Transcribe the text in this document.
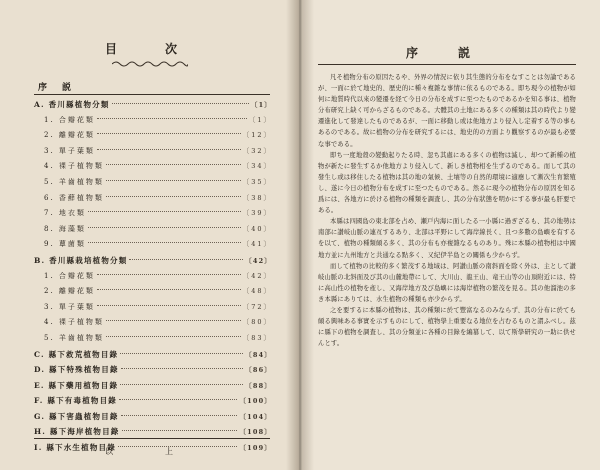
目　次
序　説
A. 香川縣植物分類	〔1〕
1. 合瓣花類	〔1〕
2. 離瓣花類	〔12〕
3. 單子葉類	〔32〕
4. 裸子植物類	〔34〕
5. 羊齒植物類	〔35〕
6. 香蘚植物類	〔38〕
7. 地衣類	〔39〕
8. 海藻類	〔40〕
9. 蕈菌類	〔41〕
B. 香川縣栽培植物分類	〔42〕
1. 合瓣花類	〔42〕
2. 離瓣花類	〔48〕
3. 單子葉類	〔72〕
4. 裸子植物類	〔80〕
5. 羊齒植物類	〔83〕
C. 縣下救荒植物目錄	〔84〕
D. 縣下特殊植物目錄	〔86〕
E. 縣下藥用植物目錄	〔88〕
F. 縣下有毒植物目錄	〔100〕
G. 縣下害蟲植物目錄	〔104〕
H. 縣下海岸植物目錄	〔108〕
I. 縣下水生植物目錄	〔109〕
以　上
序　説

凡そ植物分布の原因たるや、外界の情況に依り其生態的分布をなすことは勿論であるが、一面に於て地史的、歴史的に種々複雜な事情に依るものである。即ち現今の植物が如何に地質時代以來の變遷を経て今日の分布を成すに至つたものであるかを知る事は、植物分布研究上缺く可からざるものである。大體其の土地にある多くの種類は其の時代より變遷進化して發達したものであるが、一面に移動し或は他地方より侵入し定着する等の事もあるのである。故に植物の分布を研究するには、地史的の方面より觀察するのが最も必要な事である。

即ち一度地殼の變動起りたる時、忽ち其處にある多くの植物は滅し、却つて新種の植物が新たに發生するか他地方より侵入して、新しき植物相を生ずるのである。而して其の發生し或は移住したる植物は其の地の氣候、土壤等の自然的環境に適應して漸次生育繁殖し、遂に今日の植物分布を成すに至つたものである。然るに現今の植物分布の原因を知る爲には、各地方に於ける植物の種類を調査し、其の分布狀態を明かにする事が最も肝要である。

本縣は四國島の東北部を占め、瀬戸内海に面したる一小縣に過ぎざるも、其の地勢は南部に讃岐山脈の連亙するあり、北部は平野にして海岸線長く、且つ多數の島嶼を有するを以て、植物の種類頗る多く、其の分布も亦複雜なるものあり。殊に本縣の植物相は中國地方並に九州地方と共通なる點多く、又紀伊半島との關係も少からず。

而して植物の比較的多く繁茂する地域は、阿讃山脈の南斜面を除く外は、主として讃岐山脈の北斜面及び其の山麓地帶にして、大川山、龍王山、竜王山等の山頂附近には、特に高山性の植物を產し、又海岸地方及び島嶼には海岸植物の繁茂を見る。其の他溜池の多き本縣にありては、水生植物の種類も亦少からず。

之を要するに本縣の植物は、其の種類に於て豐富なるのみならず、其の分布に於ても頗る興味ある事實を示すものにして、植物學上重要なる地位を占むるものと謂ふべし。茲に縣下の植物を調査し、其の分類並に各種の目錄を編纂して、以て斯學研究の一助に供せんとす。
